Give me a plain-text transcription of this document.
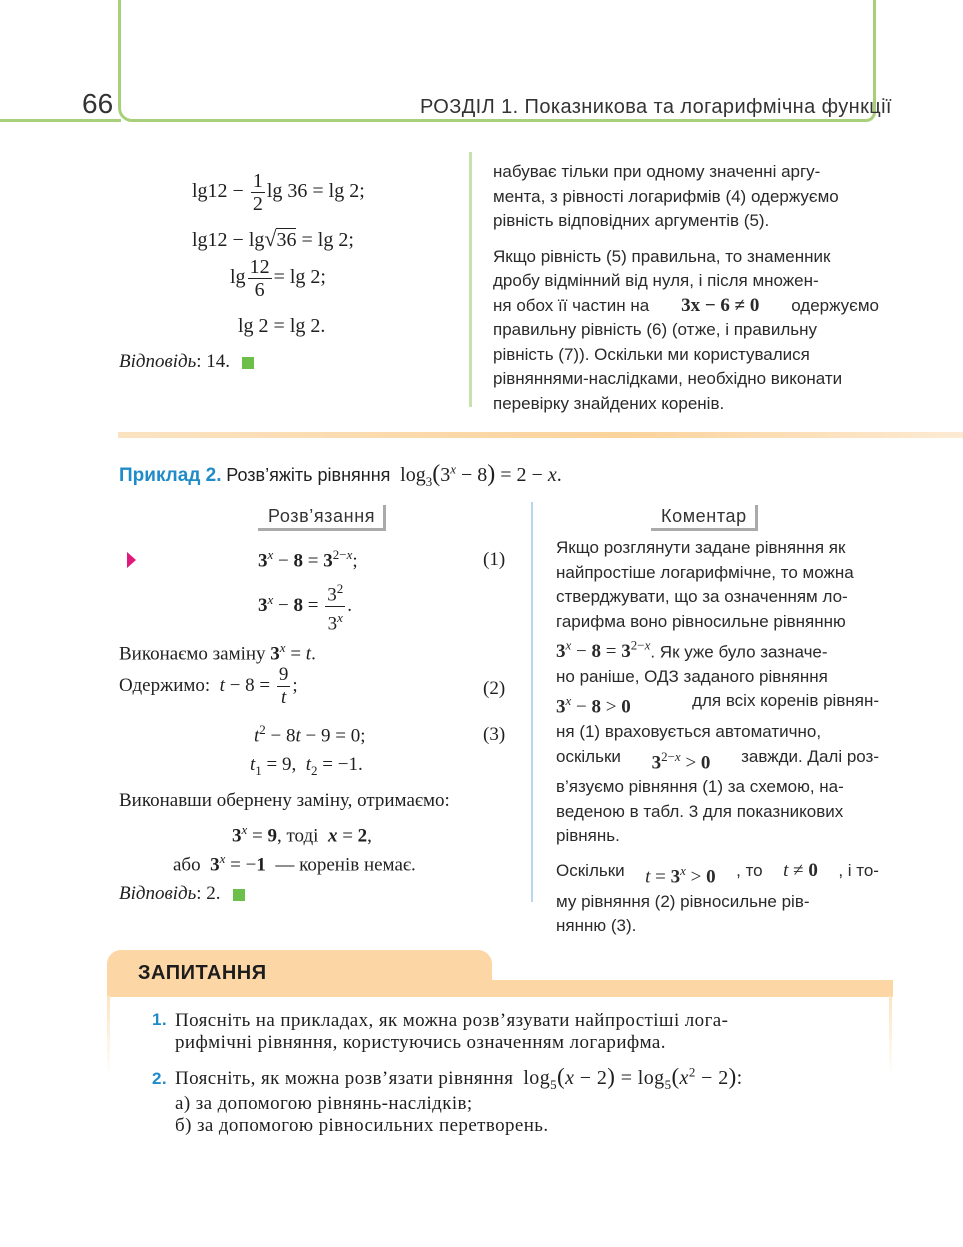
66	РОЗДІЛ 1. Показникова та логарифмічна функції
$\lg 12 - \frac{1}{2}$ lg 36 = lg 2;
lg12 − lg√36 = lg 2;
$\lg \frac{12}{6} = \lg 2$;
lg 2 = lg 2.
Відповідь: 14.
набуває тільки при одному значенні аргу-
мента, з рівності логарифмів (4) одержуємо
рівність відповідних аргументів (5).
Якщо рівність (5) правильна, то знаменник
дробу відмінний від нуля, і після множен-
ня обох її частин на 3x − 6 ≠ 0 одержуємо
правильну рівність (6) (отже, і правильну
рівність (7)). Оскільки ми користувалися
рівняннями-наслідками, необхідно виконати
перевірку знайдених коренів.
Приклад 2. Розв’яжіть рівняння  $\log_3(3^x - 8) = 2 - x$.
Розв’язання	Коментар
$3^x - 8 = 3^{2-x}$;	(1)
$3^x - 8 = \frac{3^2}{3^x}$ .
Виконаємо заміну $3^x = t$.
Одержимо: $t - 8 = \frac{9}{t}$ ;	(2)
$t^2 - 8t - 9 = 0$;	(3)
$t_1 = 9$,  $t_2 = -1$.
Виконавши обернену заміну, отримаємо:
$3^x = 9$, тоді x = 2,
або $3^x = -1$ — коренів немає.
Відповідь: 2.
Якщо розглянути задане рівняння як
найпростіше логарифмічне, то можна
стверджувати, що за означенням ло-
гарифма воно рівносильне рівнянню
$3^x - 8 = 3^{2-x}$. Як уже було зазначе-
но раніше, ОДЗ заданого рівняння
$3^x - 8 > 0$	для всіх коренів рівнян-
ня (1) враховується автоматично,
оскільки $3^{2-x} > 0$ завжди. Далі роз-
в’язуємо рівняння (1) за схемою, на-
веденою в табл. 3 для показникових
рівнянь.
Оскільки $t = 3^x > 0$ , то t ≠ 0 , і то-
му рівняння (2) рівносильне рів-
нянню (3).
ЗАПИТАННЯ
1. Поясніть на прикладах, як можна розв’язувати найпростіші лога-
рифмічні рівняння, користуючись означенням логарифма.
2. Поясніть, як можна розв’язати рівняння $\log_5(x - 2) = \log_5(x^2 - 2)$:
а) за допомогою рівнянь-наслідків;
б) за допомогою рівносильних перетворень.
